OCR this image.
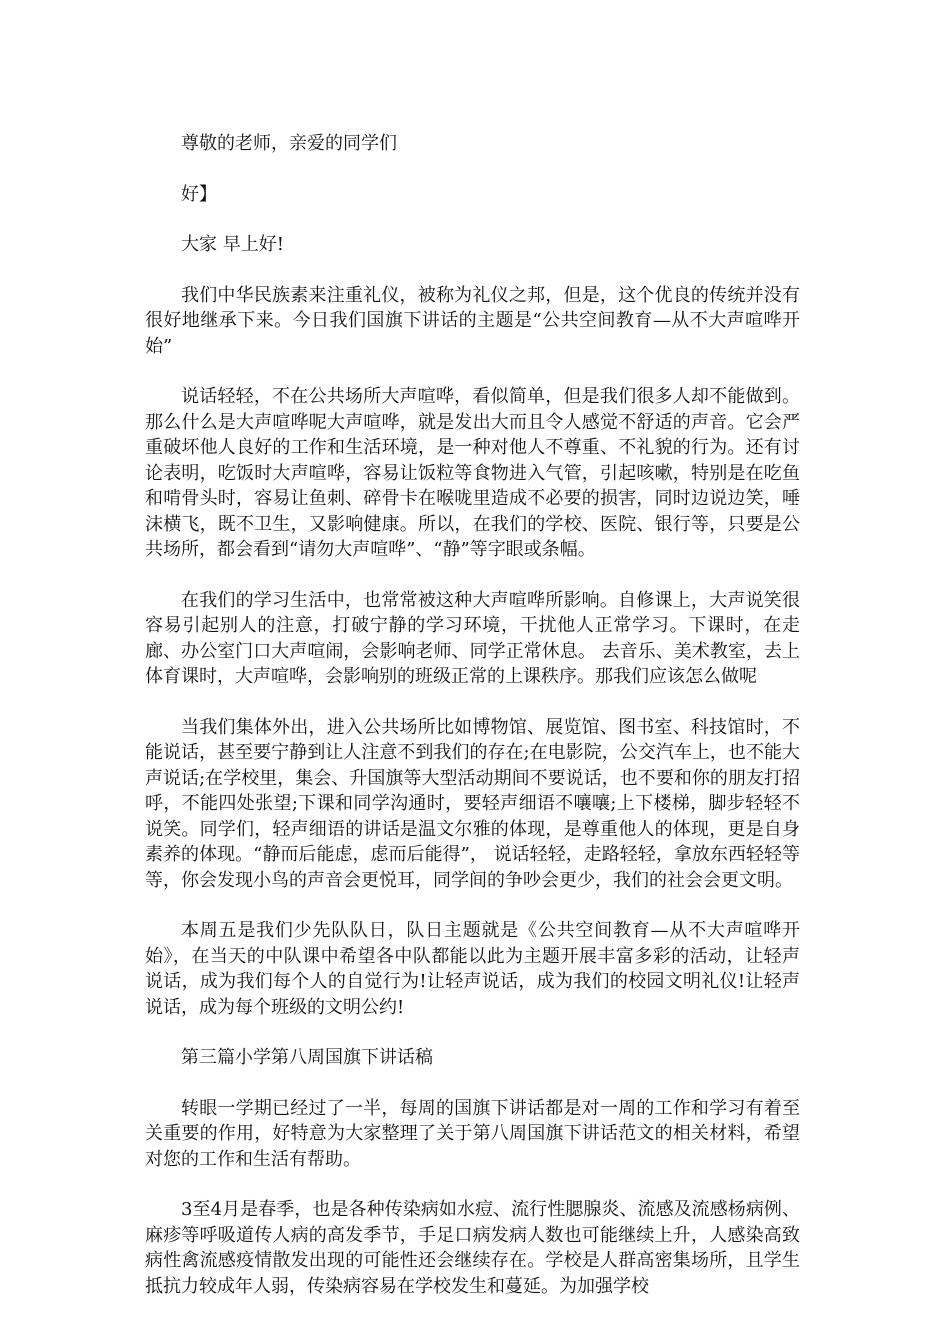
尊敬的老师，亲爱的同学们

好】

大家 早上好!

我们中华民族素来注重礼仪，被称为礼仪之邦，但是，这个优良的传统并没有很好地继承下来。今日我们国旗下讲话的主题是“公共空间教育—从不大声喧哗开始”

说话轻轻，不在公共场所大声喧哗，看似简单，但是我们很多人却不能做到。那么什么是大声喧哗呢大声喧哗，就是发出大而且令人感觉不舒适的声音。它会严重破坏他人良好的工作和生活环境，是一种对他人不尊重、不礼貌的行为。还有讨论表明，吃饭时大声喧哗，容易让饭粒等食物进入气管，引起咳嗽，特别是在吃鱼和啃骨头时，容易让鱼刺、碎骨卡在喉咙里造成不必要的损害，同时边说边笑，唾沫横飞，既不卫生，又影响健康。所以，在我们的学校、医院、银行等，只要是公共场所，都会看到“请勿大声喧哗”、“静”等字眼或条幅。

在我们的学习生活中，也常常被这种大声喧哗所影响。自修课上，大声说笑很容易引起别人的注意，打破宁静的学习环境，干扰他人正常学习。下课时，在走廊、办公室门口大声喧闹，会影响老师、同学正常休息。 去音乐、美术教室，去上体育课时，大声喧哗，会影响别的班级正常的上课秩序。那我们应该怎么做呢

当我们集体外出，进入公共场所比如博物馆、展览馆、图书室、科技馆时，不能说话，甚至要宁静到让人注意不到我们的存在;在电影院，公交汽车上，也不能大声说话;在学校里，集会、升国旗等大型活动期间不要说话，也不要和你的朋友打招呼，不能四处张望;下课和同学沟通时，要轻声细语不嚷嚷;上下楼梯，脚步轻轻不说笑。同学们，轻声细语的讲话是温文尔雅的体现，是尊重他人的体现，更是自身素养的体现。“静而后能虑，虑而后能得”， 说话轻轻，走路轻轻，拿放东西轻轻等等，你会发现小鸟的声音会更悦耳，同学间的争吵会更少，我们的社会会更文明。

本周五是我们少先队队日，队日主题就是《公共空间教育—从不大声喧哗开始》，在当天的中队课中希望各中队都能以此为主题开展丰富多彩的活动，让轻声说话，成为我们每个人的自觉行为!让轻声说话，成为我们的校园文明礼仪!让轻声说话，成为每个班级的文明公约!

第三篇小学第八周国旗下讲话稿

转眼一学期已经过了一半，每周的国旗下讲话都是对一周的工作和学习有着至关重要的作用，好特意为大家整理了关于第八周国旗下讲话范文的相关材料，希望对您的工作和生活有帮助。

3至4月是春季，也是各种传染病如水痘、流行性腮腺炎、流感及流感杨病例、麻疹等呼吸道传人病的高发季节，手足口病发病人数也可能继续上升，人感染高致病性禽流感疫情散发出现的可能性还会继续存在。学校是人群高密集场所，且学生抵抗力较成年人弱，传染病容易在学校发生和蔓延。为加强学校
